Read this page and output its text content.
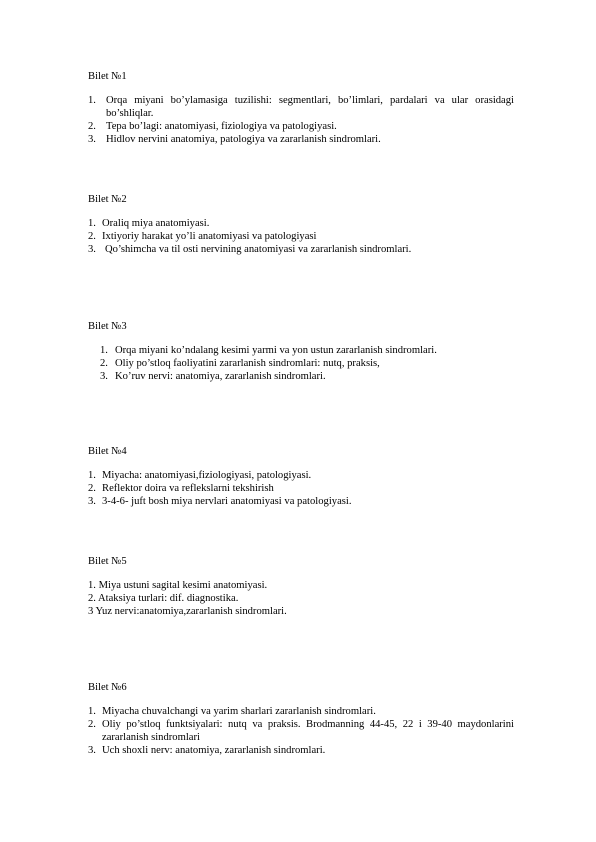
Bilet №1
1. Orqa miyani bo’ylamasiga tuzilishi: segmentlari, bo’limlari, pardalari va ular orasidagi bo’shliqlar.
2. Tepa bo’lagi: anatomiyasi, fiziologiya va patologiyasi.
3. Hidlov nervini anatomiya, patologiya va zararlanish sindromlari.
Bilet №2
1. Oraliq miya anatomiyasi.
2. Ixtiyoriy harakat yo’li anatomiyasi va patologiyasi
3. Qo’shimcha va til osti nervining anatomiyasi va zararlanish sindromlari.
Bilet №3
1. Orqa miyani ko’ndalang kesimi yarmi va yon ustun zararlanish sindromlari.
2. Oliy po’stloq faoliyatini zararlanish sindromlari: nutq, praksis,
3. Ko’ruv nervi: anatomiya, zararlanish sindromlari.
Bilet №4
1. Miyacha: anatomiyasi,fiziologiyasi, patologiyasi.
2. Reflektor doira va reflekslarni tekshirish
3. 3-4-6- juft bosh miya nervlari anatomiyasi va patologiyasi.
Bilet №5
1. Miya ustuni sagital kesimi anatomiyasi.
2. Ataksiya turlari: dif. diagnostika.
3 Yuz nervi:anatomiya,zararlanish sindromlari.
Bilet №6
1. Miyacha chuvalchangi va yarim sharlari zararlanish sindromlari.
2. Oliy po’stloq funktsiyalari: nutq va praksis. Brodmanning 44-45, 22 i 39-40 maydonlarini zararlanish sindromlari
3. Uch shoxli nerv: anatomiya, zararlanish sindromlari.
